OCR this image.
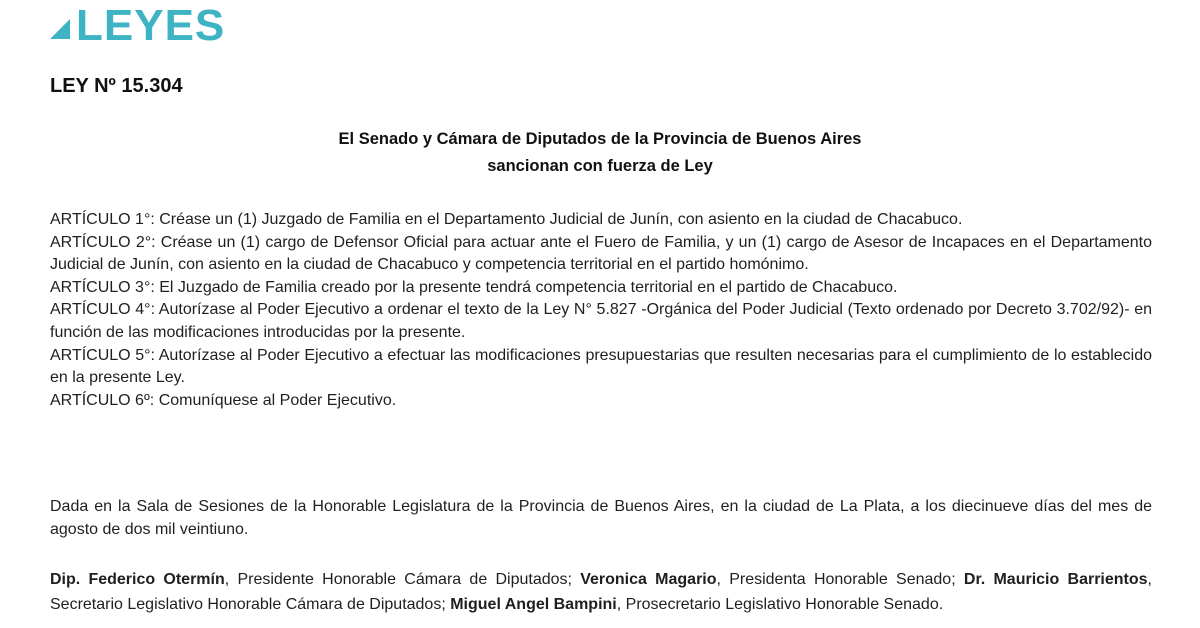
LEYES
LEY Nº 15.304
El Senado y Cámara de Diputados de la Provincia de Buenos Aires
sancionan con fuerza de Ley

ARTÍCULO 1°: Créase un (1) Juzgado de Familia en el Departamento Judicial de Junín, con asiento en la ciudad de Chacabuco.

ARTÍCULO 2°: Créase un (1) cargo de Defensor Oficial para actuar ante el Fuero de Familia, y un (1) cargo de Asesor de Incapaces en el Departamento Judicial de Junín, con asiento en la ciudad de Chacabuco y competencia territorial en el partido homónimo.

ARTÍCULO 3°: El Juzgado de Familia creado por la presente tendrá competencia territorial en el partido de Chacabuco.

ARTÍCULO 4°: Autorízase al Poder Ejecutivo a ordenar el texto de la Ley N° 5.827 -Orgánica del Poder Judicial (Texto ordenado por Decreto 3.702/92)- en función de las modificaciones introducidas por la presente.

ARTÍCULO 5°: Autorízase al Poder Ejecutivo a efectuar las modificaciones presupuestarias que resulten necesarias para el cumplimiento de lo establecido en la presente Ley.

ARTÍCULO 6º: Comuníquese al Poder Ejecutivo.

Dada en la Sala de Sesiones de la Honorable Legislatura de la Provincia de Buenos Aires, en la ciudad de La Plata, a los diecinueve días del mes de agosto de dos mil veintiuno.

Dip. Federico Otermín, Presidente Honorable Cámara de Diputados; Veronica Magario, Presidenta Honorable Senado; Dr. Mauricio Barrientos, Secretario Legislativo Honorable Cámara de Diputados; Miguel Angel Bampini, Prosecretario Legislativo Honorable Senado.
